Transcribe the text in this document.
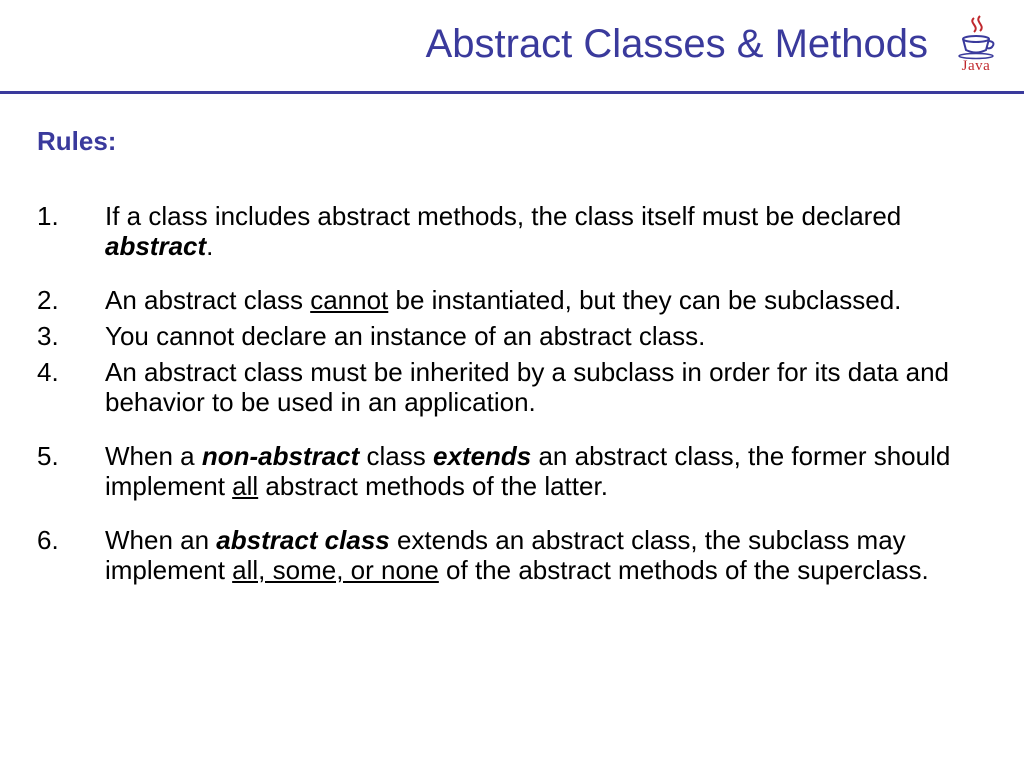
Abstract Classes & Methods	Java
Rules:
1. If a class includes abstract methods, the class itself must be declared abstract.
2. An abstract class cannot be instantiated, but they can be subclassed.
3. You cannot declare an instance of an abstract class.
4. An abstract class must be inherited by a subclass in order for its data and behavior to be used in an application.
5. When a non-abstract class extends an abstract class, the former should implement all abstract methods of the latter.
6. When an abstract class extends an abstract class, the subclass may implement all, some, or none of the abstract methods of the superclass.
